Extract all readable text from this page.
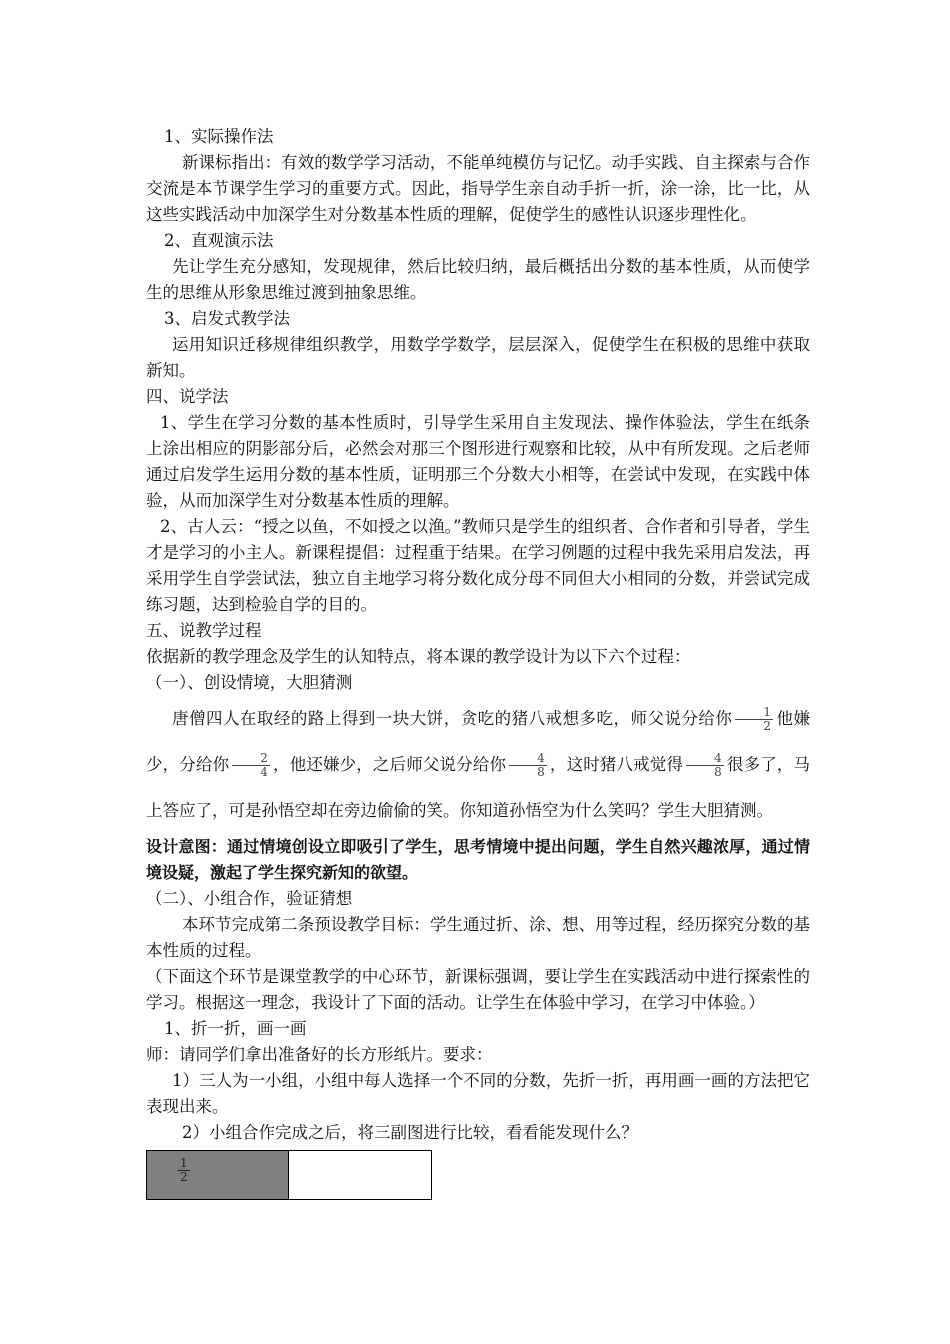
1、实际操作法

新课标指出：有效的数学学习活动，不能单纯模仿与记忆。动手实践、自主探索与合作交流是本节课学生学习的重要方式。因此，指导学生亲自动手折一折，涂一涂，比一比，从这些实践活动中加深学生对分数基本性质的理解，促使学生的感性认识逐步理性化。

2、直观演示法

先让学生充分感知，发现规律，然后比较归纳，最后概括出分数的基本性质，从而使学生的思维从形象思维过渡到抽象思维。

3、启发式教学法

运用知识迁移规律组织教学，用数学学数学，层层深入，促使学生在积极的思维中获取新知。

四、说学法

1、学生在学习分数的基本性质时，引导学生采用自主发现法、操作体验法，学生在纸条上涂出相应的阴影部分后，必然会对那三个图形进行观察和比较，从中有所发现。之后老师通过启发学生运用分数的基本性质，证明那三个分数大小相等，在尝试中发现，在实践中体验，从而加深学生对分数基本性质的理解。

2、古人云：“授之以鱼，不如授之以渔。”教师只是学生的组织者、合作者和引导者，学生才是学习的小主人。新课程提倡：过程重于结果。在学习例题的过程中我先采用启发法，再采用学生自学尝试法，独立自主地学习将分数化成分母不同但大小相同的分数，并尝试完成练习题，达到检验自学的目的。

五、说教学过程

依据新的教学理念及学生的认知特点，将本课的教学设计为以下六个过程：

（一）、创设情境，大胆猜测

唐僧四人在取经的路上得到一块大饼，贪吃的猪八戒想多吃，师父说分给你 $\frac{1}{2}$ 他嫌少，分给你 $\frac{2}{4}$ ，他还嫌少，之后师父说分给你 $\frac{4}{8}$ ，这时猪八戒觉得 $\frac{4}{8}$ 很多了，马上答应了，可是孙悟空却在旁边偷偷的笑。你知道孙悟空为什么笑吗？学生大胆猜测。

设计意图：通过情境创设立即吸引了学生，思考情境中提出问题，学生自然兴趣浓厚，通过情境设疑，激起了学生探究新知的欲望。

（二）、小组合作，验证猜想

本环节完成第二条预设教学目标：学生通过折、涂、想、用等过程，经历探究分数的基本性质的过程。

（下面这个环节是课堂教学的中心环节，新课标强调，要让学生在实践活动中进行探索性的学习。根据这一理念，我设计了下面的活动。让学生在体验中学习，在学习中体验。）

1、折一折，画一画

师：请同学们拿出准备好的长方形纸片。要求：

1）三人为一小组，小组中每人选择一个不同的分数，先折一折，再用画一画的方法把它表现出来。

2）小组合作完成之后，将三副图进行比较，看看能发现什么？

$\frac{1}{2}$
